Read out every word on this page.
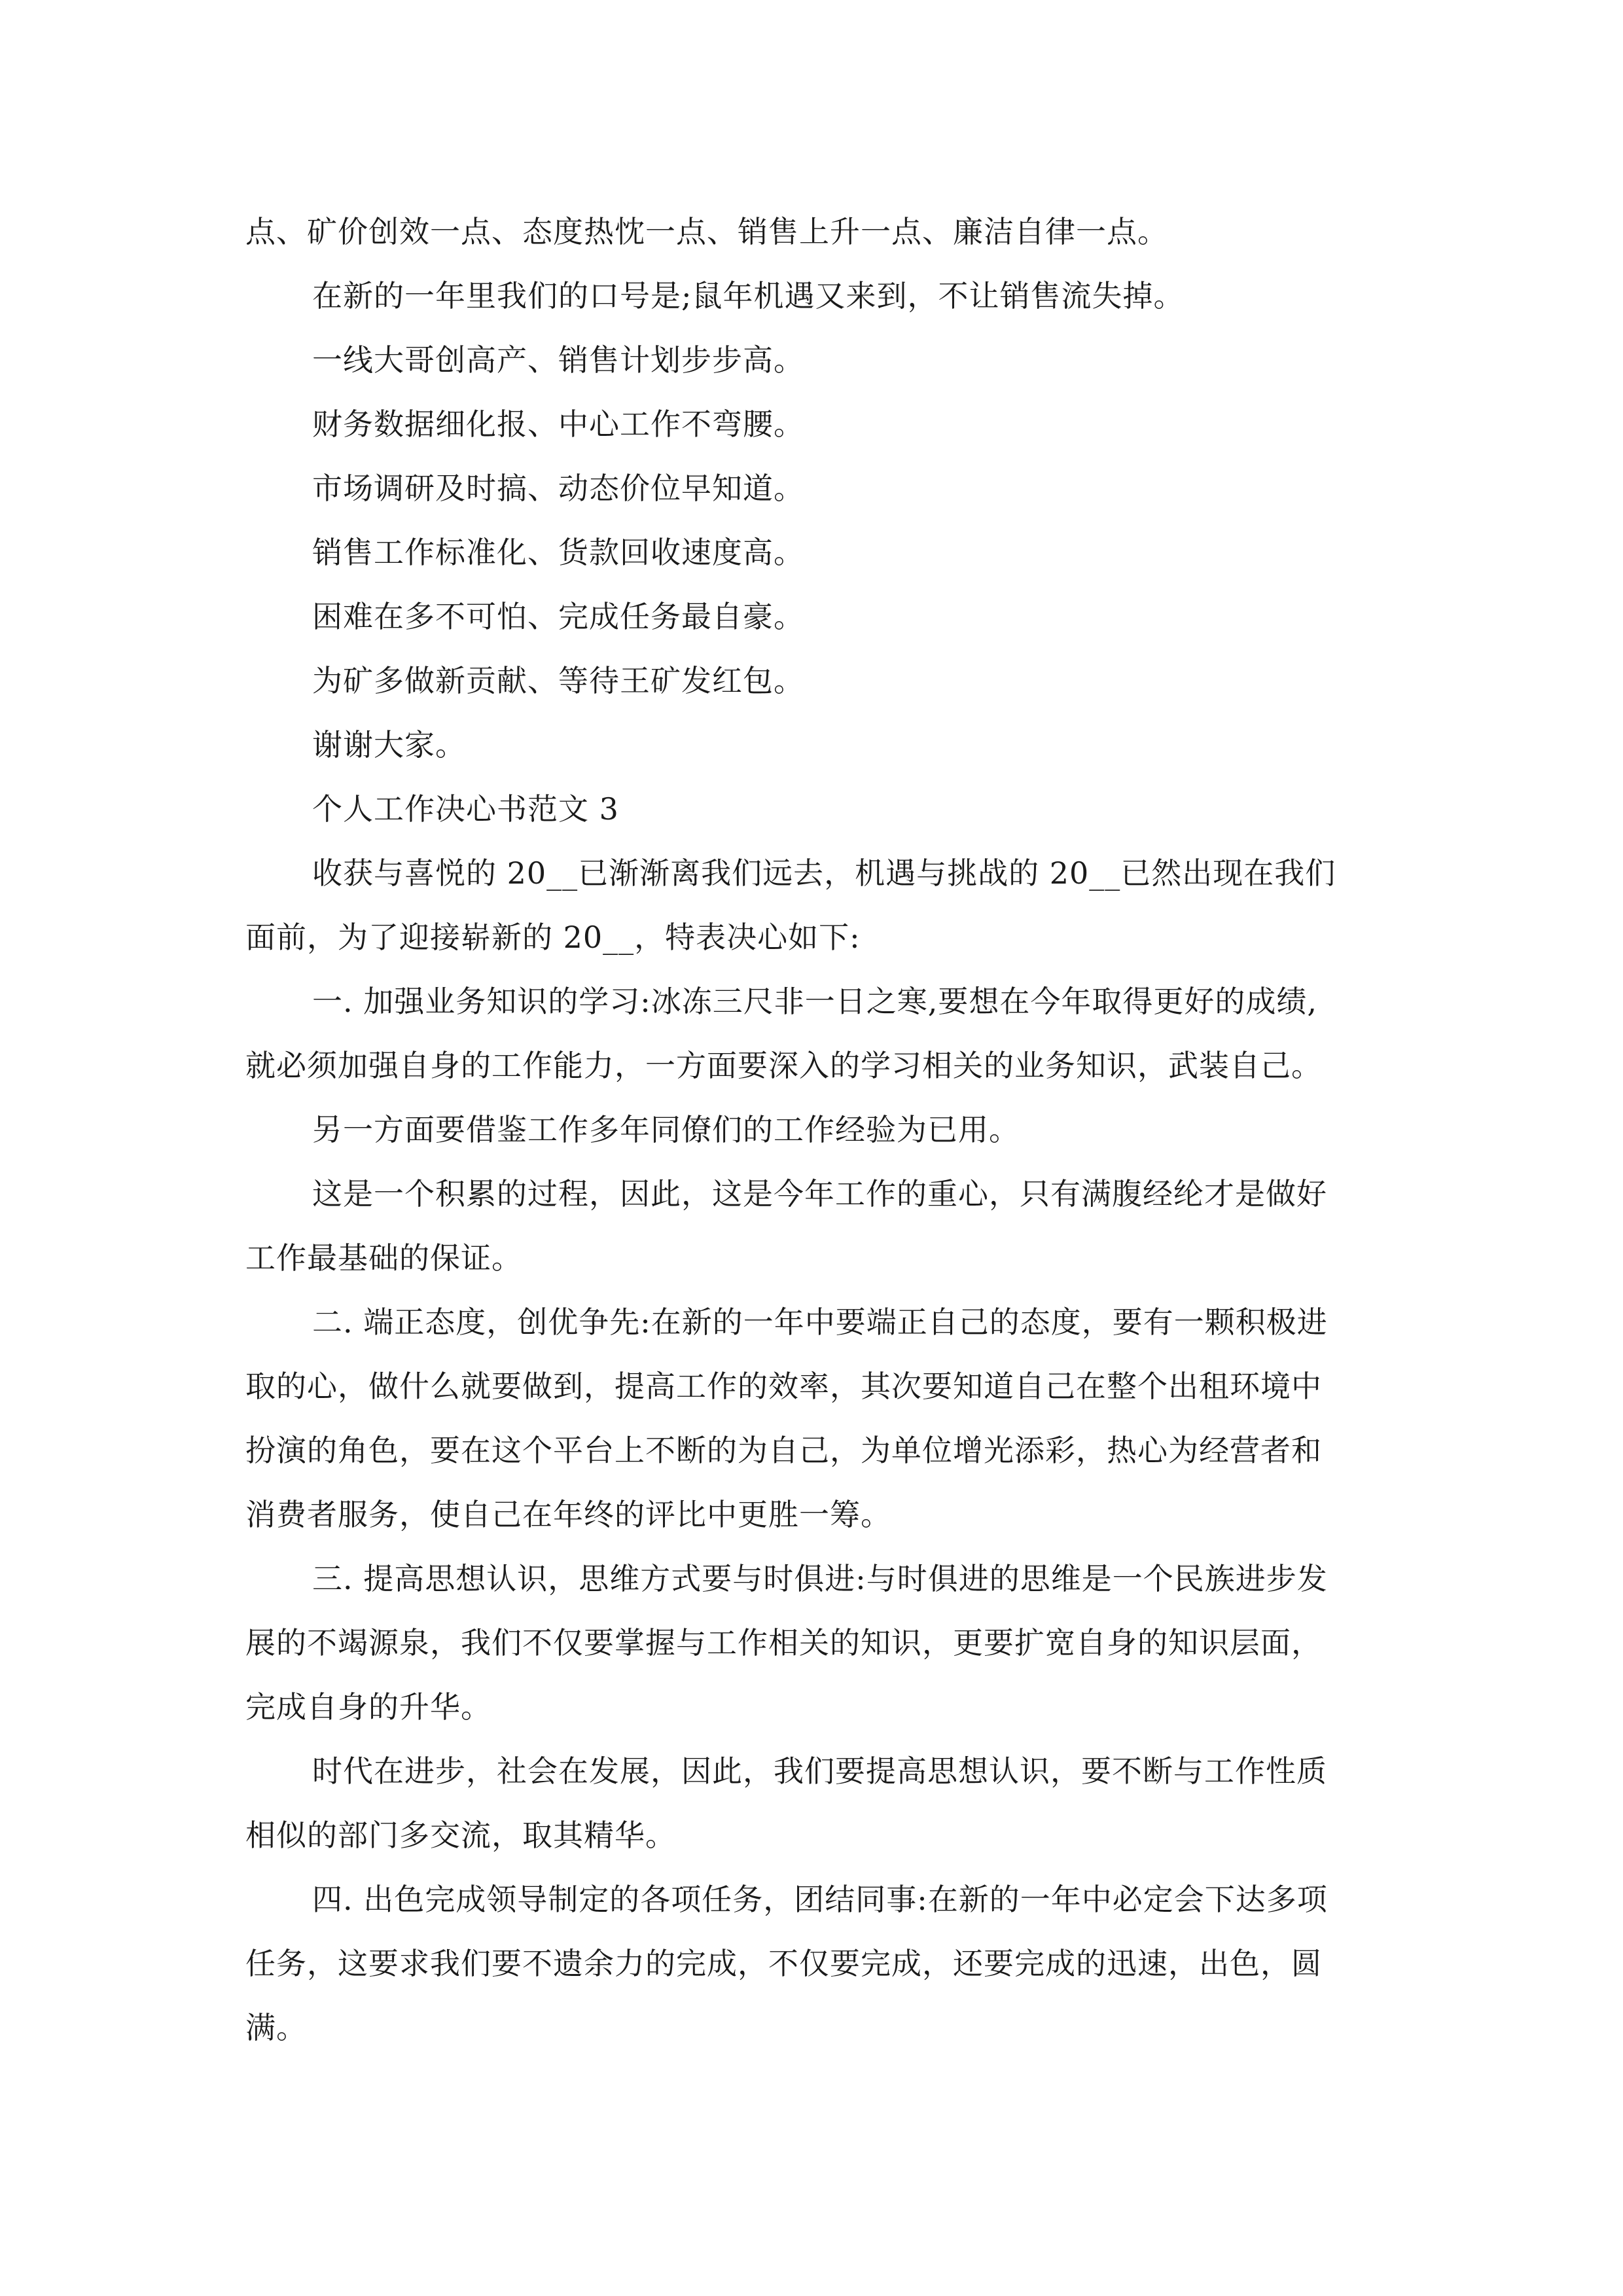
点、矿价创效一点、态度热忱一点、销售上升一点、廉洁自律一点。
在新的一年里我们的口号是;鼠年机遇又来到，不让销售流失掉。
一线大哥创高产、销售计划步步高。
财务数据细化报、中心工作不弯腰。
市场调研及时搞、动态价位早知道。
销售工作标准化、货款回收速度高。
困难在多不可怕、完成任务最自豪。
为矿多做新贡献、等待王矿发红包。
谢谢大家。
个人工作决心书范文 3
收获与喜悦的 20__已渐渐离我们远去，机遇与挑战的 20__已然出现在我们
面前，为了迎接崭新的 20__，特表决心如下:
一. 加强业务知识的学习:冰冻三尺非一日之寒,要想在今年取得更好的成绩,
就必须加强自身的工作能力，一方面要深入的学习相关的业务知识，武装自己。
另一方面要借鉴工作多年同僚们的工作经验为已用。
这是一个积累的过程，因此，这是今年工作的重心，只有满腹经纶才是做好
工作最基础的保证。
二. 端正态度，创优争先:在新的一年中要端正自己的态度，要有一颗积极进
取的心，做什么就要做到，提高工作的效率，其次要知道自己在整个出租环境中
扮演的角色，要在这个平台上不断的为自己，为单位增光添彩，热心为经营者和
消费者服务，使自己在年终的评比中更胜一筹。
三. 提高思想认识，思维方式要与时俱进:与时俱进的思维是一个民族进步发
展的不竭源泉，我们不仅要掌握与工作相关的知识，更要扩宽自身的知识层面，
完成自身的升华。
时代在进步，社会在发展，因此，我们要提高思想认识，要不断与工作性质
相似的部门多交流，取其精华。
四. 出色完成领导制定的各项任务，团结同事:在新的一年中必定会下达多项
任务，这要求我们要不遗余力的完成，不仅要完成，还要完成的迅速，出色，圆
满。
